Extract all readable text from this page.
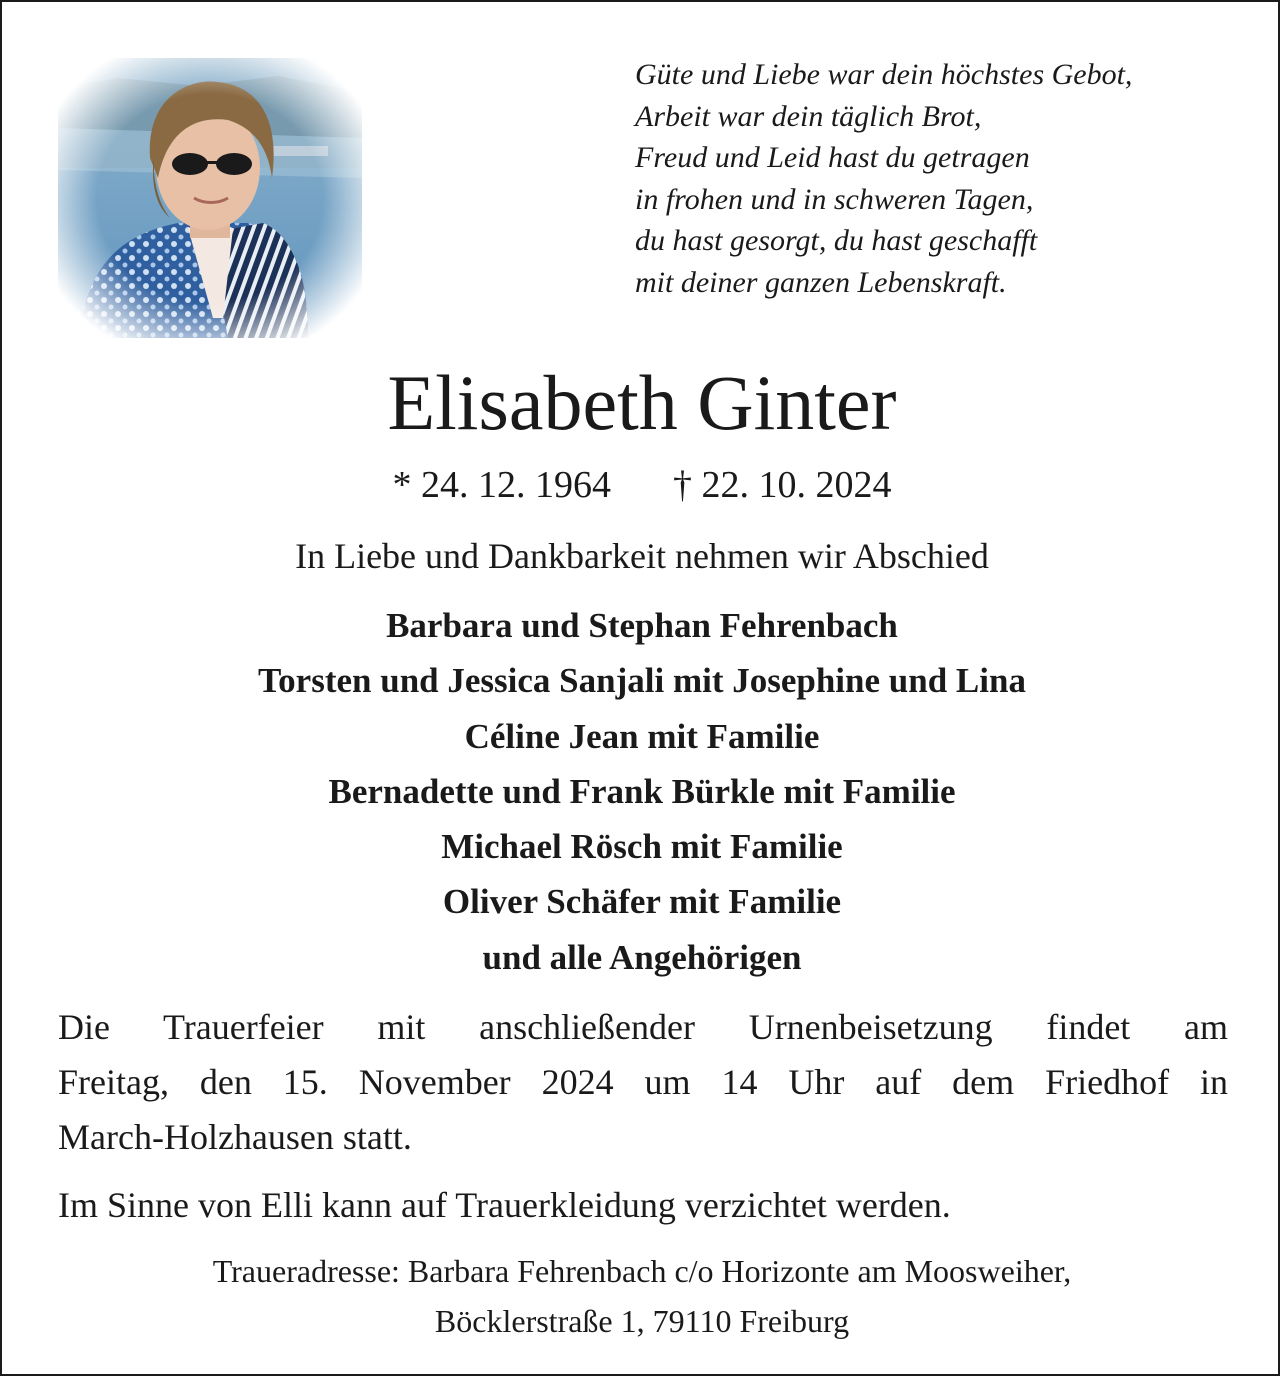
Güte und Liebe war dein höchstes Gebot,
Arbeit war dein täglich Brot,
Freud und Leid hast du getragen
in frohen und in schweren Tagen,
du hast gesorgt, du hast geschafft
mit deiner ganzen Lebenskraft.
Elisabeth Ginter
* 24. 12. 1964 † 22. 10. 2024
In Liebe und Dankbarkeit nehmen wir Abschied
Barbara und Stephan Fehrenbach
Torsten und Jessica Sanjali mit Josephine und Lina
Céline Jean mit Familie
Bernadette und Frank Bürkle mit Familie
Michael Rösch mit Familie
Oliver Schäfer mit Familie
und alle Angehörigen
Die Trauerfeier mit anschließender Urnenbeisetzung findet am
Freitag, den 15. November 2024 um 14 Uhr auf dem Friedhof in
March-Holzhausen statt.
Im Sinne von Elli kann auf Trauerkleidung verzichtet werden.
Traueradresse: Barbara Fehrenbach c/o Horizonte am Moosweiher,
Böcklerstraße 1, 79110 Freiburg
